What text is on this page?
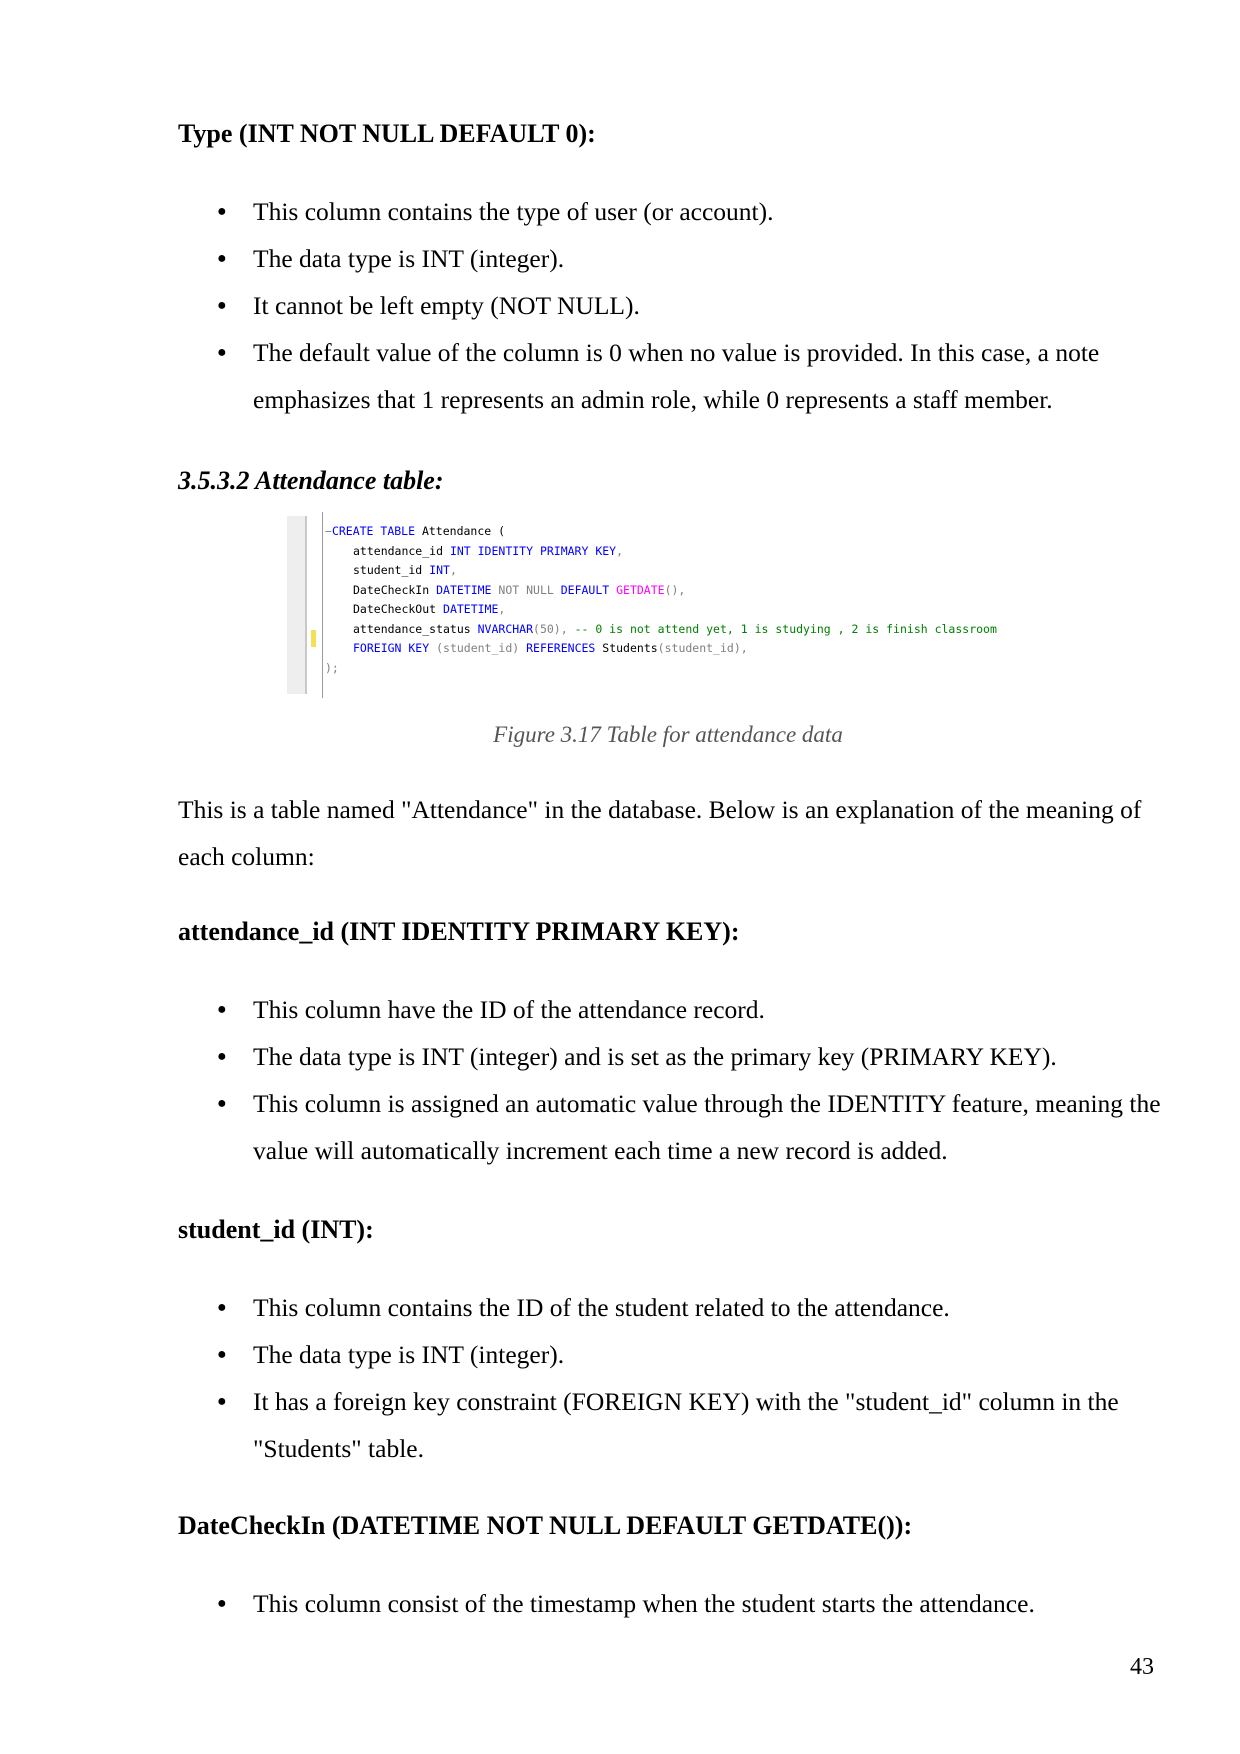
Type (INT NOT NULL DEFAULT 0):
● This column contains the type of user (or account).
● The data type is INT (integer).
● It cannot be left empty (NOT NULL).
● The default value of the column is 0 when no value is provided. In this case, a note emphasizes that 1 represents an admin role, while 0 represents a staff member.
3.5.3.2 Attendance table:
−CREATE TABLE Attendance (
attendance_id INT IDENTITY PRIMARY KEY,
student_id INT,
DateCheckIn DATETIME NOT NULL DEFAULT GETDATE(),
DateCheckOut DATETIME,
attendance_status NVARCHAR(50), -- 0 is not attend yet, 1 is studying , 2 is finish classroom
FOREIGN KEY (student_id) REFERENCES Students(student_id),
);

Figure 3.17 Table for attendance data

This is a table named "Attendance" in the database. Below is an explanation of the meaning of each column:

attendance_id (INT IDENTITY PRIMARY KEY):
● This column have the ID of the attendance record.
● The data type is INT (integer) and is set as the primary key (PRIMARY KEY).
● This column is assigned an automatic value through the IDENTITY feature, meaning the value will automatically increment each time a new record is added.
student_id (INT):
● This column contains the ID of the student related to the attendance.
● The data type is INT (integer).
● It has a foreign key constraint (FOREIGN KEY) with the "student_id" column in the "Students" table.
DateCheckIn (DATETIME NOT NULL DEFAULT GETDATE()):
● This column consist of the timestamp when the student starts the attendance.
43
